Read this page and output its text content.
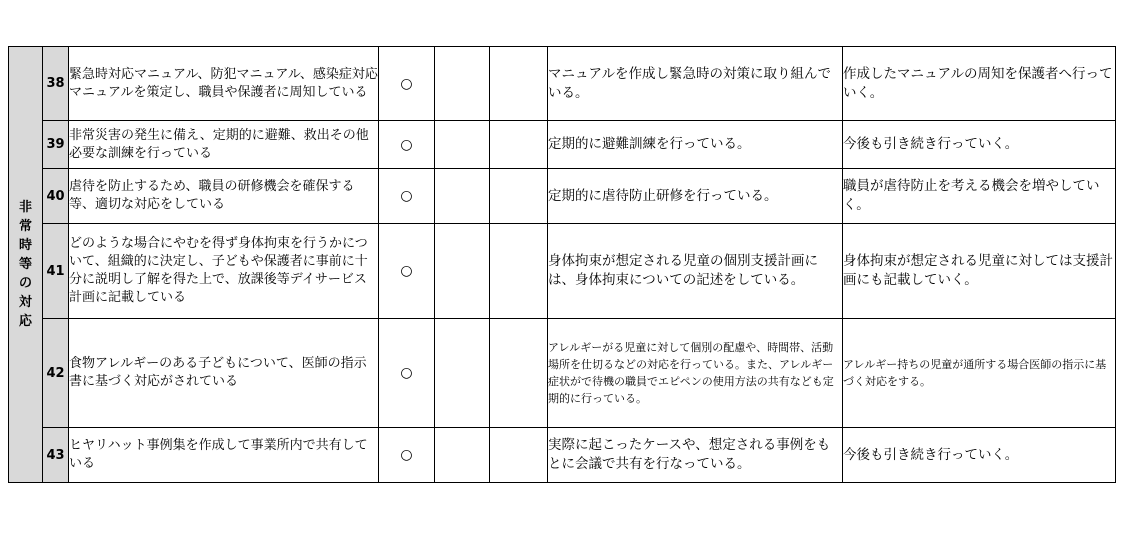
非常時等の対応	38	緊急時対応マニュアル、防犯マニュアル、感染症対応マニュアルを策定し、職員や保護者に周知している	○			マニュアルを作成し緊急時の対策に取り組んでいる。	作成したマニュアルの周知を保護者へ行っていく。
	39	非常災害の発生に備え、定期的に避難、救出その他必要な訓練を行っている	○			定期的に避難訓練を行っている。	今後も引き続き行っていく。
	40	虐待を防止するため、職員の研修機会を確保する等、適切な対応をしている	○			定期的に虐待防止研修を行っている。	職員が虐待防止を考える機会を増やしていく。
	41	どのような場合にやむを得ず身体拘束を行うかについて、組織的に決定し、子どもや保護者に事前に十分に説明し了解を得た上で、放課後等デイサービス計画に記載している	○			身体拘束が想定される児童の個別支援計画には、身体拘束についての記述をしている。	身体拘束が想定される児童に対しては支援計画にも記載していく。
	42	食物アレルギーのある子どもについて、医師の指示書に基づく対応がされている	○			アレルギーがる児童に対して個別の配慮や、時間帯、活動場所を仕切るなどの対応を行っている。また、アレルギー症状がで待機の職員でエピペンの使用方法の共有なども定期的に行っている。	アレルギー持ちの児童が通所する場合医師の指示に基づく対応をする。
	43	ヒヤリハット事例集を作成して事業所内で共有している	○			実際に起こったケースや、想定される事例をもとに会議で共有を行なっている。	今後も引き続き行っていく。
